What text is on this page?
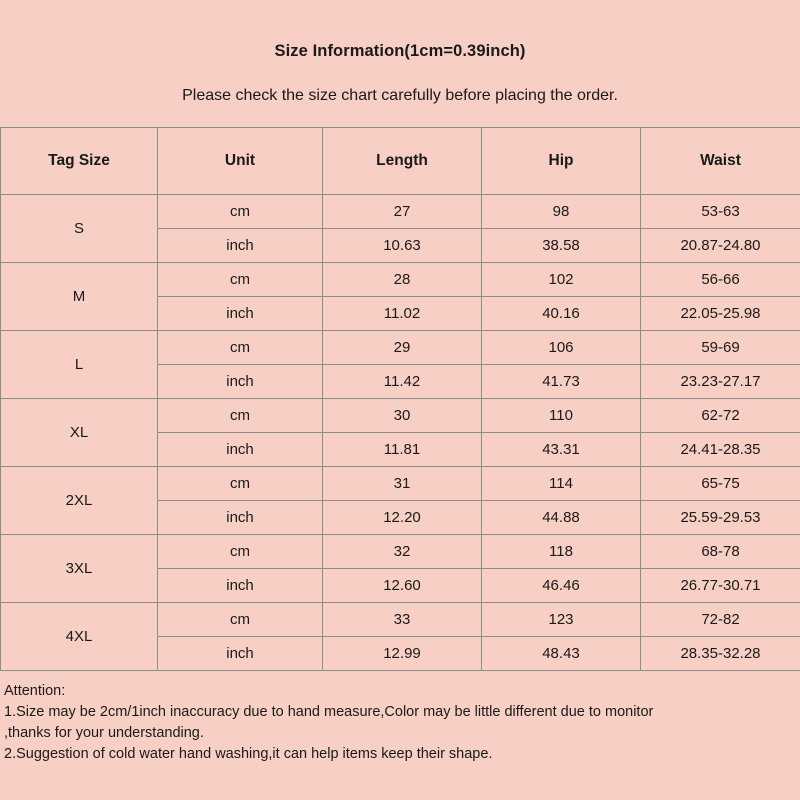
Size Information(1cm=0.39inch)
Please check the size chart carefully before placing the order.
Tag Size	Unit	Length	Hip	Waist
S	cm	27	98	53-63
	inch	10.63	38.58	20.87-24.80
M	cm	28	102	56-66
	inch	11.02	40.16	22.05-25.98
L	cm	29	106	59-69
	inch	11.42	41.73	23.23-27.17
XL	cm	30	110	62-72
	inch	11.81	43.31	24.41-28.35
2XL	cm	31	114	65-75
	inch	12.20	44.88	25.59-29.53
3XL	cm	32	118	68-78
	inch	12.60	46.46	26.77-30.71
4XL	cm	33	123	72-82
	inch	12.99	48.43	28.35-32.28
Attention:
1.Size may be 2cm/1inch inaccuracy due to hand measure,Color may be little different due to monitor
,thanks for your understanding.
2.Suggestion of cold water hand washing,it can help items keep their shape.
